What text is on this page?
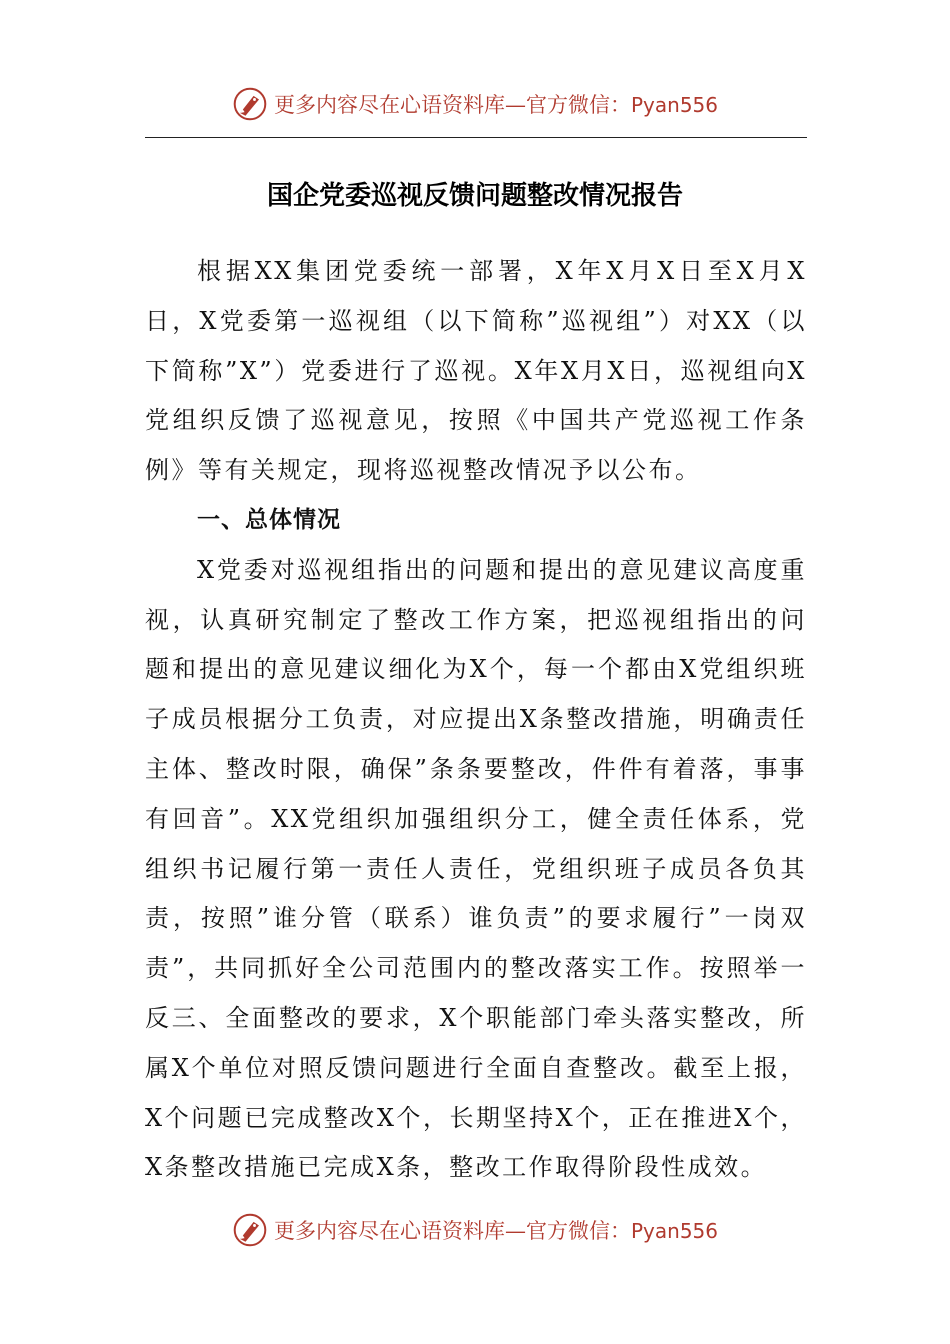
更多内容尽在心语资料库—官方微信：Pyan556
国企党委巡视反馈问题整改情况报告

根据XX集团党委统一部署，X年X月X日至X月X日，X党委第一巡视组（以下简称”巡视组”）对XX（以下简称”X”）党委进行了巡视。X年X月X日，巡视组向X党组织反馈了巡视意见，按照《中国共产党巡视工作条例》等有关规定，现将巡视整改情况予以公布。

一、总体情况

X党委对巡视组指出的问题和提出的意见建议高度重视，认真研究制定了整改工作方案，把巡视组指出的问题和提出的意见建议细化为X个，每一个都由X党组织班子成员根据分工负责，对应提出X条整改措施，明确责任主体、整改时限，确保”条条要整改，件件有着落，事事有回音”。XX党组织加强组织分工，健全责任体系，党组织书记履行第一责任人责任，党组织班子成员各负其责，按照”谁分管（联系）谁负责”的要求履行”一岗双责”，共同抓好全公司范围内的整改落实工作。按照举一反三、全面整改的要求，X个职能部门牵头落实整改，所属X个单位对照反馈问题进行全面自查整改。截至上报，X个问题已完成整改X个，长期坚持X个，正在推进X个，X条整改措施已完成X条，整改工作取得阶段性成效。

更多内容尽在心语资料库—官方微信：Pyan556
